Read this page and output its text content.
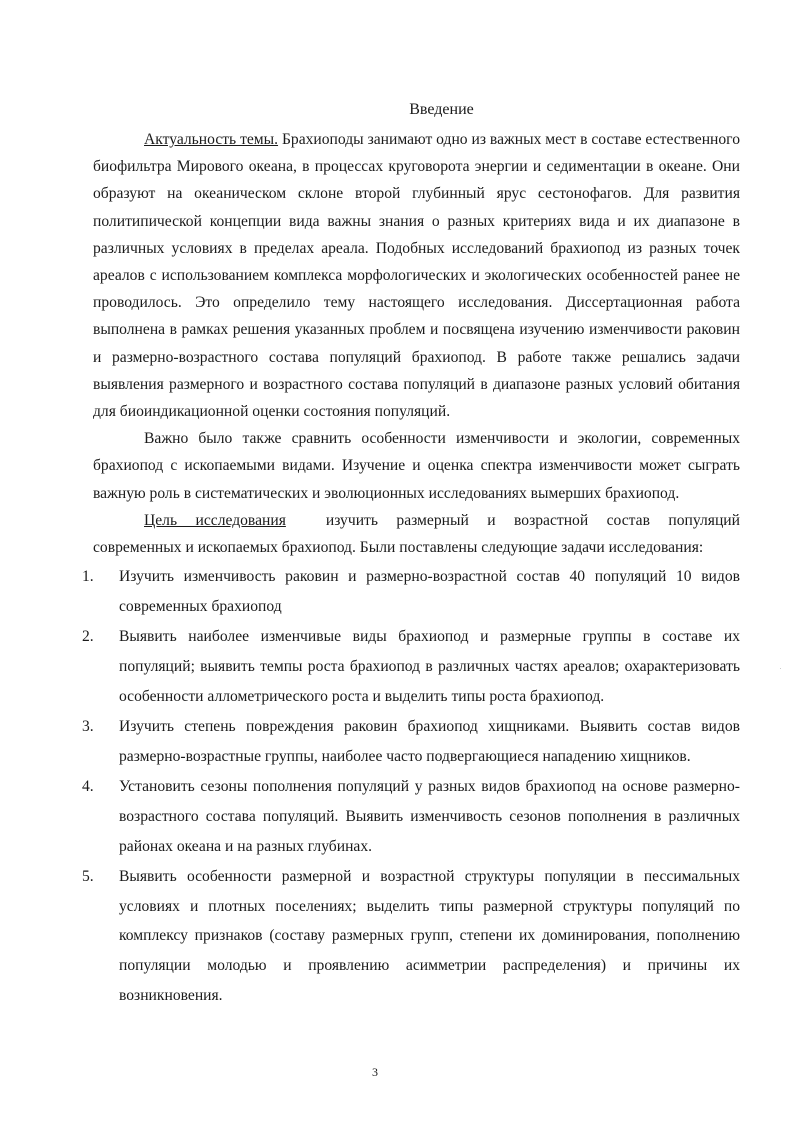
Введение

Актуальность темы. Брахиоподы занимают одно из важных мест в составе естественного биофильтра Мирового океана, в процессах круговорота энергии и седиментации в океане. Они образуют на океаническом склоне второй глубинный ярус сестонофагов. Для развития политипической концепции вида важны знания о разных критериях вида и их диапазоне в различных условиях в пределах ареала. Подобных исследований брахиопод из разных точек ареалов с использованием комплекса морфологических и экологических особенностей ранее не проводилось. Это определило тему настоящего исследования. Диссертационная работа выполнена в рамках решения указанных проблем и посвящена изучению изменчивости раковин и размерно-возрастного состава популяций брахиопод. В работе также решались задачи выявления размерного и возрастного состава популяций в диапазоне разных условий обитания для биоиндикационной оценки состояния популяций.

Важно было также сравнить особенности изменчивости и экологии, современных брахиопод с ископаемыми видами. Изучение и оценка спектра изменчивости может сыграть важную роль в систематических и эволюционных исследованиях вымерших брахиопод.

Цель исследования	изучить размерный и возрастной состав популяций современных и ископаемых брахиопод. Были поставлены следующие задачи исследования:

1. Изучить изменчивость раковин и размерно-возрастной состав 40 популяций 10 видов современных брахиопод
2. Выявить наиболее изменчивые виды брахиопод и размерные группы в составе их популяций; выявить темпы роста брахиопод в различных частях ареалов; охарактеризовать особенности аллометрического роста и выделить типы роста брахиопод.
3. Изучить степень повреждения раковин брахиопод хищниками. Выявить состав видов размерно-возрастные группы, наиболее часто подвергающиеся нападению хищников.
4. Установить сезоны пополнения популяций у разных видов брахиопод на основе размерно-возрастного состава популяций. Выявить изменчивость сезонов пополнения в различных районах океана и на разных глубинах.
5. Выявить особенности размерной и возрастной структуры популяции в пессимальных условиях и плотных поселениях; выделить типы размерной структуры популяций по комплексу признаков (составу размерных групп, степени их доминирования, пополнению популяции молодью и проявлению асимметрии распределения) и причины их возникновения.
3
